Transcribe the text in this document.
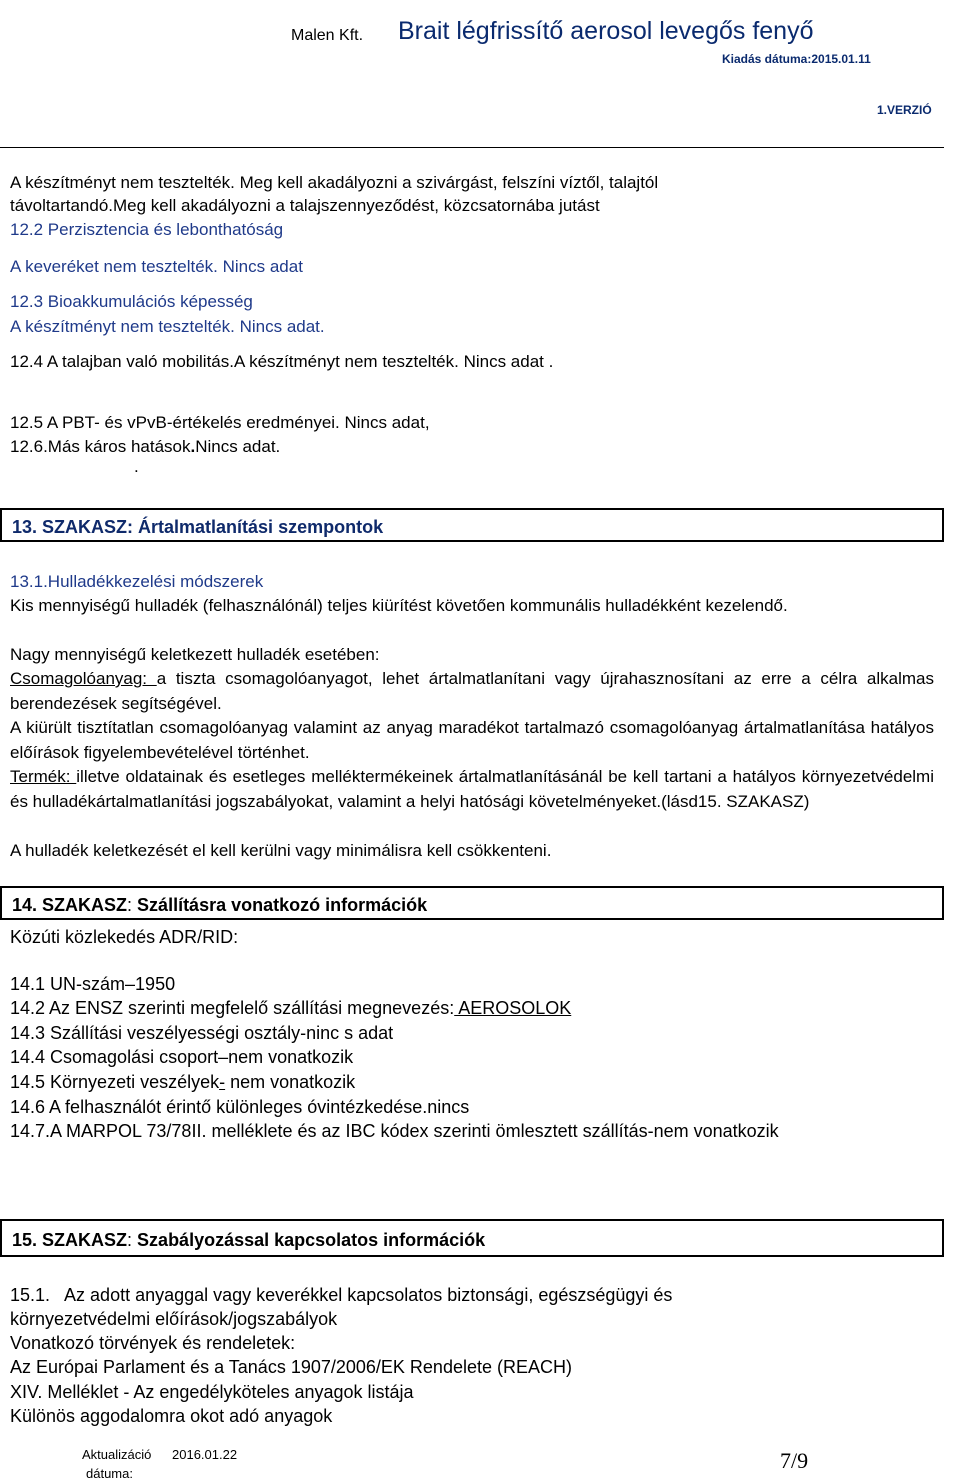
Malen Kft. Brait légfrissítő aerosol levegős fenyő
Kiadás dátuma:2015.01.11
1.VERZIÓ
A készítményt nem tesztelték. Meg kell akadályozni a szivárgást, felszíni víztől, talajtól
távoltartandó.Meg kell akadályozni a talajszennyeződést, közcsatornába jutást
12.2 Perzisztencia és lebonthatóság
A keveréket nem tesztelték. Nincs adat
12.3 Bioakkumulációs képesség
A készítményt nem tesztelték. Nincs adat.
12.4 A talajban való mobilitás.A készítményt nem tesztelték. Nincs adat .
12.5 A PBT- és vPvB-értékelés eredményei. Nincs adat,
12.6.Más káros hatások.Nincs adat.
.
13. SZAKASZ: Ártalmatlanítási szempontok
13.1.Hulladékkezelési módszerek
Kis mennyiségű hulladék (felhasználónál) teljes kiürítést követően kommunális hulladékként kezelendő.
Nagy mennyiségű keletkezett hulladék esetében:
Csomagolóanyag: a tiszta csomagolóanyagot, lehet ártalmatlanítani vagy újrahasznosítani az erre a célra alkalmas berendezések segítségével.
A kiürült tisztítatlan csomagolóanyag valamint az anyag maradékot tartalmazó csomagolóanyag ártalmatlanítása hatályos előírások figyelembevételével történhet.
Termék: illetve oldatainak és esetleges melléktermékeinek ártalmatlanításánál be kell tartani a hatályos környezetvédelmi és hulladékártalmatlanítási jogszabályokat, valamint a helyi hatósági követelményeket.(lásd15. SZAKASZ)
A hulladék keletkezését el kell kerülni vagy minimálisra kell csökkenteni.
14. SZAKASZ: Szállításra vonatkozó információk
Közúti közlekedés ADR/RID:
14.1 UN-szám–1950
14.2 Az ENSZ szerinti megfelelő szállítási megnevezés: AEROSOLOK
14.3 Szállítási veszélyességi osztály-ninc s adat
14.4 Csomagolási csoport–nem vonatkozik
14.5 Környezeti veszélyek- nem vonatkozik
14.6 A felhasználót érintő különleges óvintézkedése.nincs
14.7.A MARPOL 73/78II. melléklete és az IBC kódex szerinti ömlesztett szállítás-nem vonatkozik
15. SZAKASZ: Szabályozással kapcsolatos információk
15.1.   Az adott anyaggal vagy keverékkel kapcsolatos biztonsági, egészségügyi és
környezetvédelmi előírások/jogszabályok
Vonatkozó törvények és rendeletek:
Az Európai Parlament és a Tanács 1907/2006/EK Rendelete (REACH)
XIV. Melléklet - Az engedélyköteles anyagok listája
Különös aggodalomra okot adó anyagok
Aktualizáció
dátuma:
2016.01.22	7/9
